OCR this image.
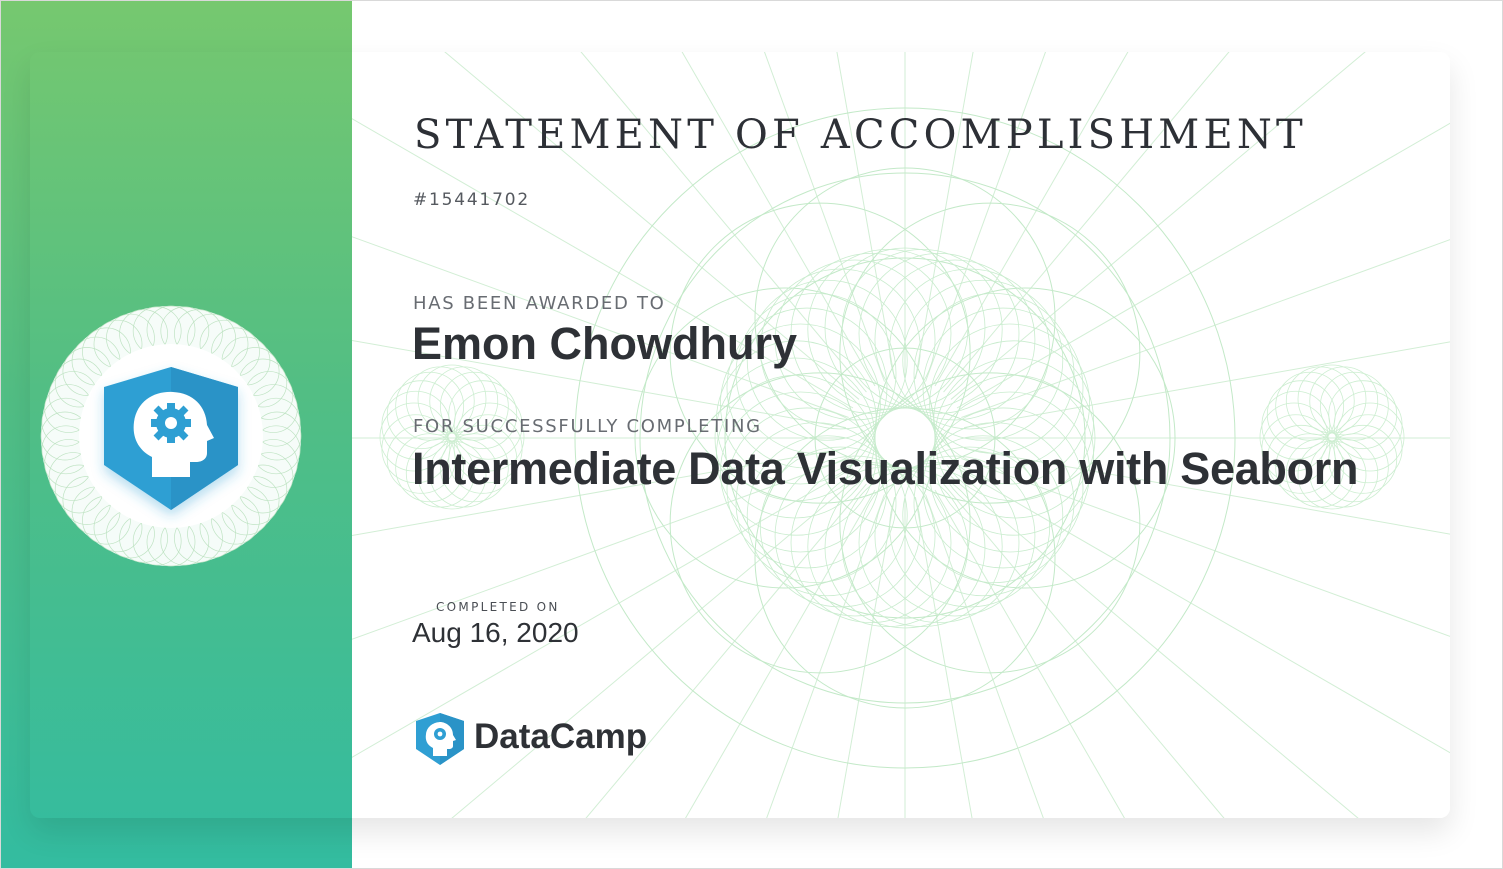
STATEMENT OF ACCOMPLISHMENT
#15441702
HAS BEEN AWARDED TO
Emon Chowdhury
FOR SUCCESSFULLY COMPLETING
Intermediate Data Visualization with Seaborn
COMPLETED ON
Aug 16, 2020
DataCamp
